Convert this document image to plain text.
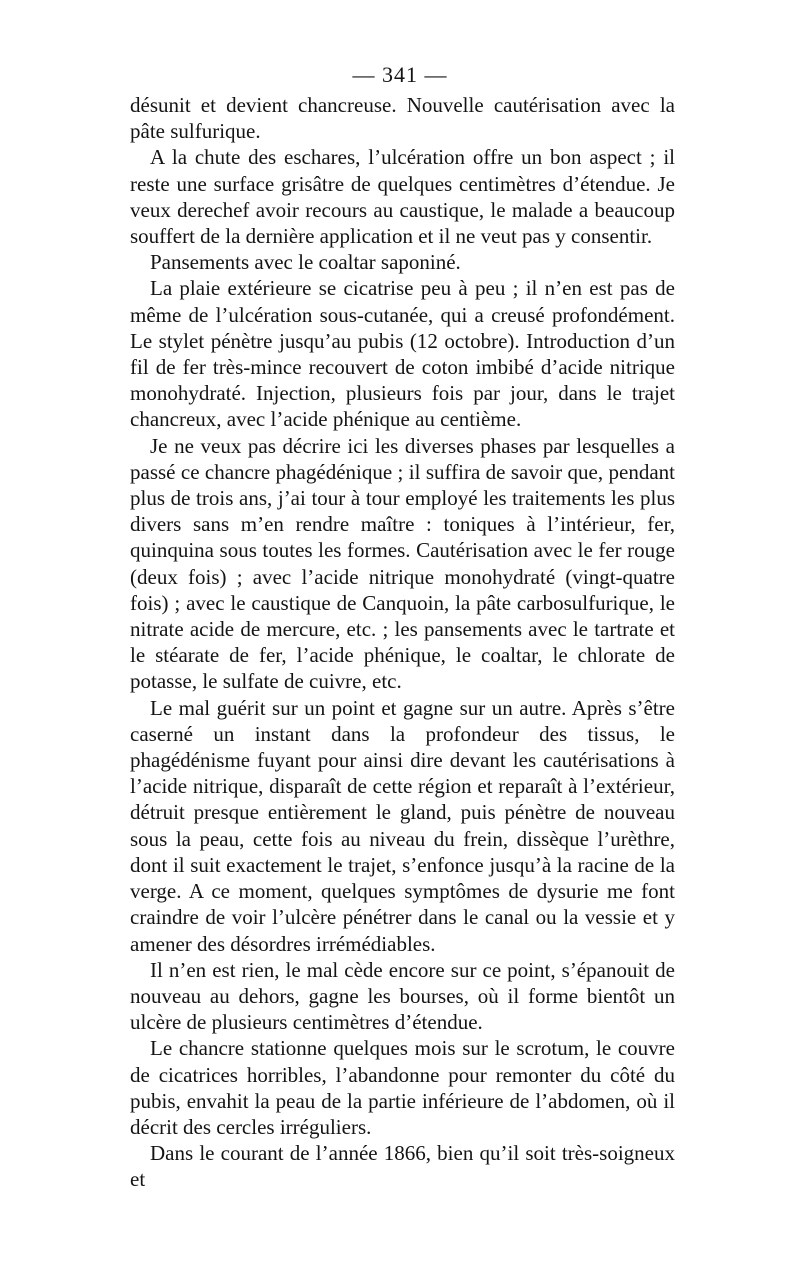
— 341 —

désunit et devient chancreuse. Nouvelle cautérisation avec la pâte sulfurique.

A la chute des eschares, l’ulcération offre un bon aspect ; il reste une surface grisâtre de quelques centimètres d’étendue. Je veux derechef avoir recours au caustique, le malade a beaucoup souffert de la dernière application et il ne veut pas y consentir.

Pansements avec le coaltar saponiné.

La plaie extérieure se cicatrise peu à peu ; il n’en est pas de même de l’ulcération sous-cutanée, qui a creusé profondément. Le stylet pénètre jusqu’au pubis (12 octobre). Introduction d’un fil de fer très-mince recouvert de coton imbibé d’acide nitrique monohydraté. Injection, plusieurs fois par jour, dans le trajet chancreux, avec l’acide phénique au centième.

Je ne veux pas décrire ici les diverses phases par lesquelles a passé ce chancre phagédénique ; il suffira de savoir que, pendant plus de trois ans, j’ai tour à tour employé les traitements les plus divers sans m’en rendre maître : toniques à l’intérieur, fer, quinquina sous toutes les formes. Cautérisation avec le fer rouge (deux fois) ; avec l’acide nitrique monohydraté (vingt-quatre fois) ; avec le caustique de Canquoin, la pâte carbosulfurique, le nitrate acide de mercure, etc. ; les pansements avec le tartrate et le stéarate de fer, l’acide phénique, le coaltar, le chlorate de potasse, le sulfate de cuivre, etc.

Le mal guérit sur un point et gagne sur un autre. Après s’être caserné un instant dans la profondeur des tissus, le phagédénisme fuyant pour ainsi dire devant les cautérisations à l’acide nitrique, disparaît de cette région et reparaît à l’extérieur, détruit presque entièrement le gland, puis pénètre de nouveau sous la peau, cette fois au niveau du frein, dissèque l’urèthre, dont il suit exactement le trajet, s’enfonce jusqu’à la racine de la verge. A ce moment, quelques symptômes de dysurie me font craindre de voir l’ulcère pénétrer dans le canal ou la vessie et y amener des désordres irrémédiables.

Il n’en est rien, le mal cède encore sur ce point, s’épanouit de nouveau au dehors, gagne les bourses, où il forme bientôt un ulcère de plusieurs centimètres d’étendue.

Le chancre stationne quelques mois sur le scrotum, le couvre de cicatrices horribles, l’abandonne pour remonter du côté du pubis, envahit la peau de la partie inférieure de l’abdomen, où il décrit des cercles irréguliers.

Dans le courant de l’année 1866, bien qu’il soit très-soigneux et
